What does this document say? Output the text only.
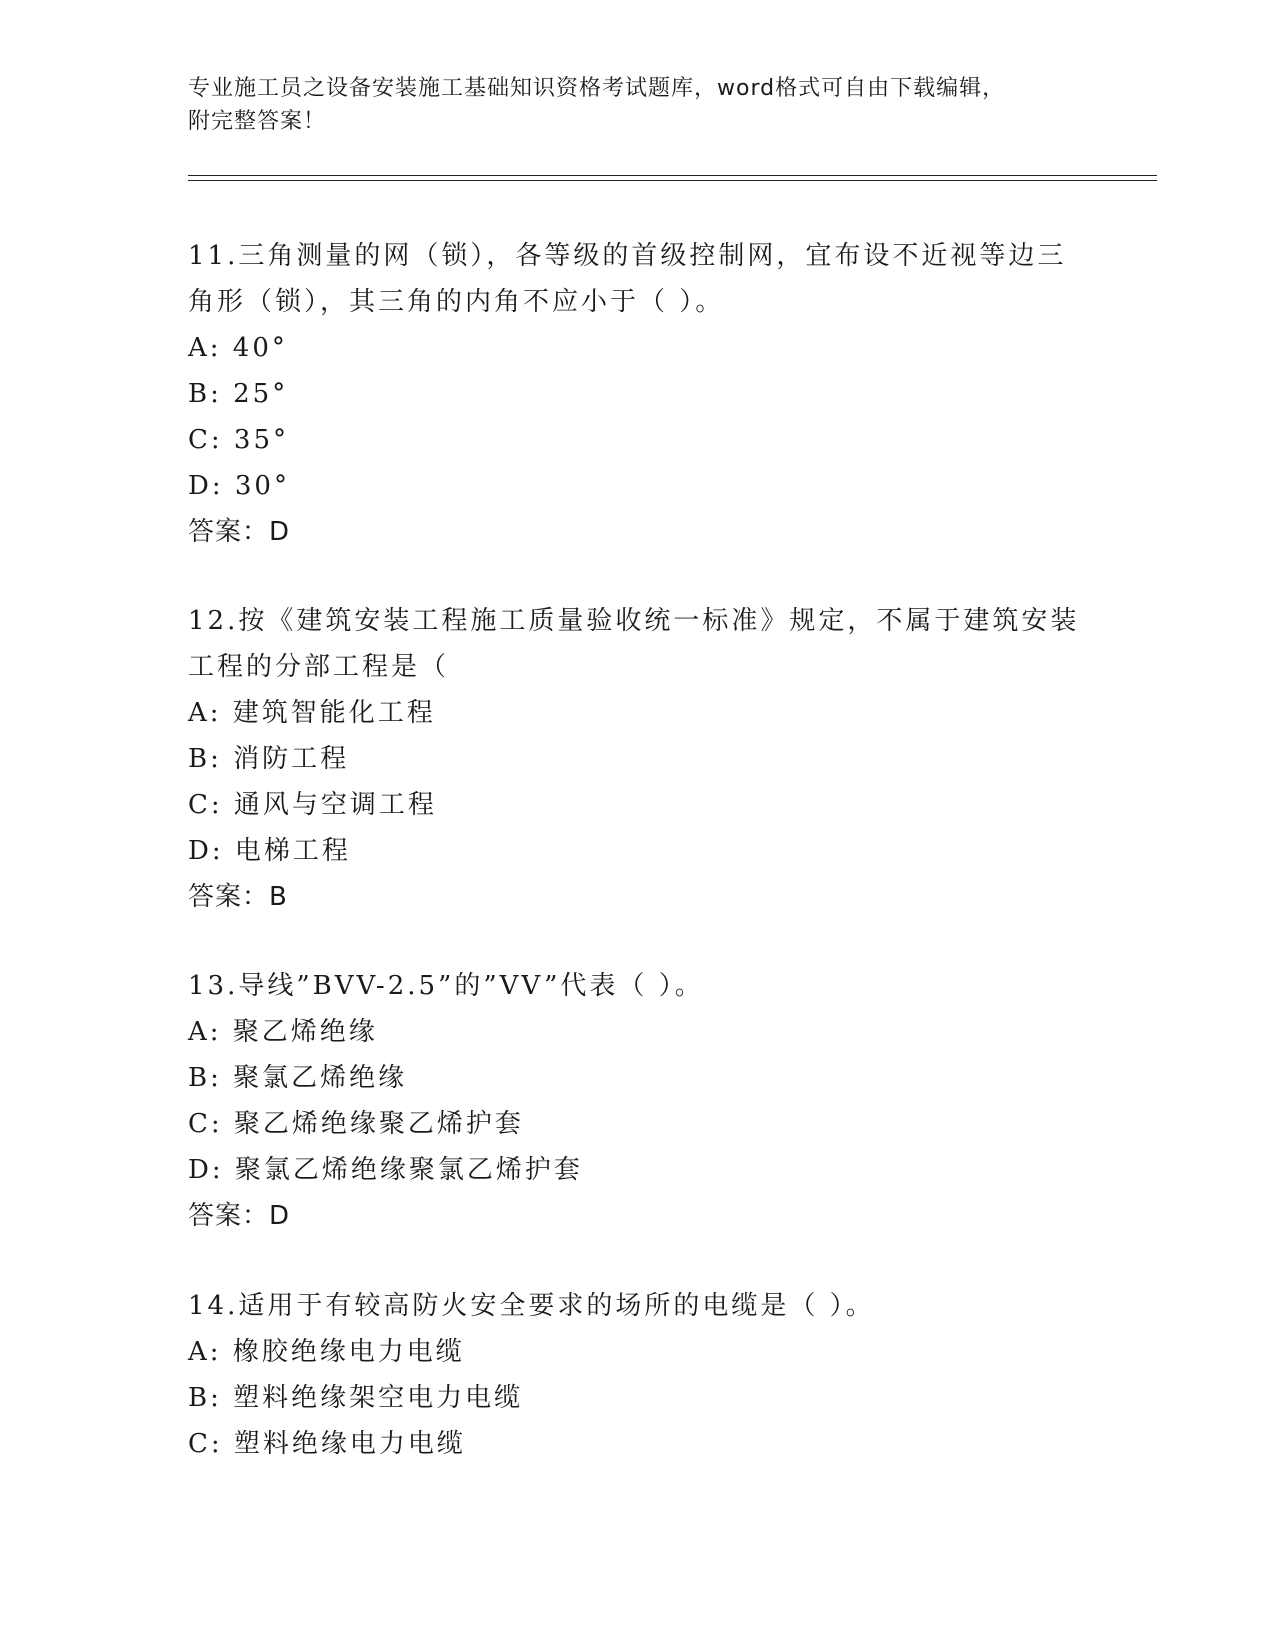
专业施工员之设备安装施工基础知识资格考试题库，word格式可自由下载编辑，
附完整答案！
11.三角测量的网（锁），各等级的首级控制网，宜布设不近视等边三
角形（锁），其三角的内角不应小于（ ）。
A: 40°
B: 25°
C: 35°
D: 30°
答案：D
12.按《建筑安装工程施工质量验收统一标准》规定，不属于建筑安装
工程的分部工程是（
A: 建筑智能化工程
B: 消防工程
C: 通风与空调工程
D: 电梯工程
答案：B
13.导线”BVV-2.5”的”VV”代表（ ）。
A: 聚乙烯绝缘
B: 聚氯乙烯绝缘
C: 聚乙烯绝缘聚乙烯护套
D: 聚氯乙烯绝缘聚氯乙烯护套
答案：D
14.适用于有较高防火安全要求的场所的电缆是（ ）。
A: 橡胶绝缘电力电缆
B: 塑料绝缘架空电力电缆
C: 塑料绝缘电力电缆
